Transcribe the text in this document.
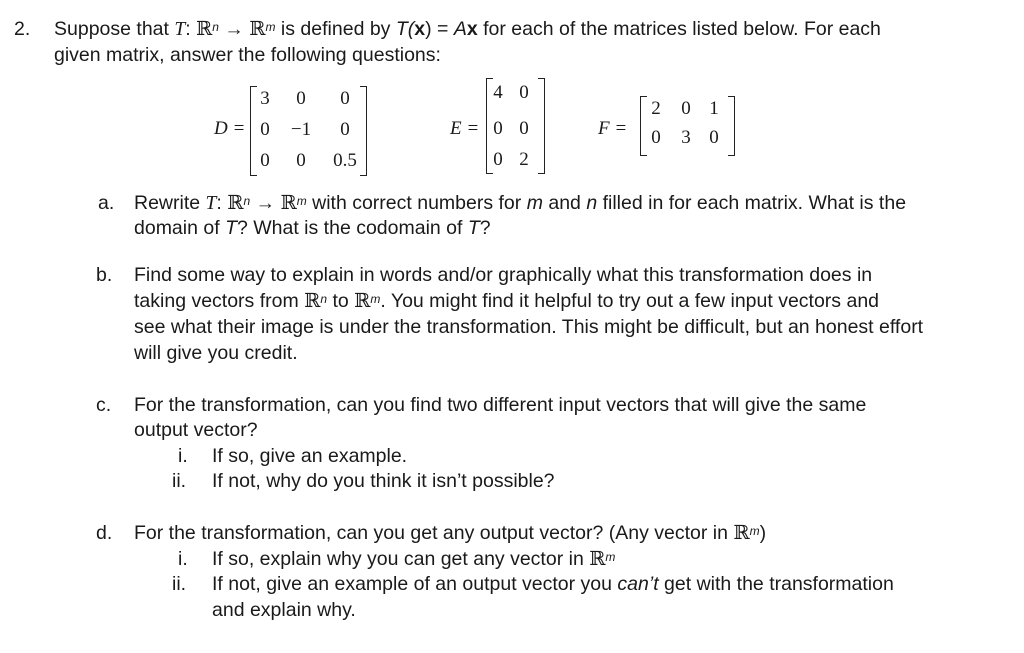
2. Suppose that T: ℝ$^n$ → ℝ$^m$ is defined by T(x) = Ax for each of the matrices listed below. For each
given matrix, answer the following questions:
D =
3	0	0
0	−1	0
0	0	0.5
E =
4 0
0 0
0 2
F =
2	0 1
0	3 0
a. Rewrite T: ℝ$^n$ → ℝ$^m$ with correct numbers for m and n filled in for each matrix. What is the
domain of T? What is the codomain of T?
b. Find some way to explain in words and/or graphically what this transformation does in
taking vectors from ℝ$^n$ to ℝ$^m$. You might find it helpful to try out a few input vectors and
see what their image is under the transformation. This might be difficult, but an honest effort
will give you credit.
c. For the transformation, can you find two different input vectors that will give the same
output vector?
i. If so, give an example.
ii. If not, why do you think it isn’t possible?
d. For the transformation, can you get any output vector? (Any vector in ℝ$^m$)
i. If so, explain why you can get any vector in ℝ$^m$
ii. If not, give an example of an output vector you can’t get with the transformation
and explain why.
